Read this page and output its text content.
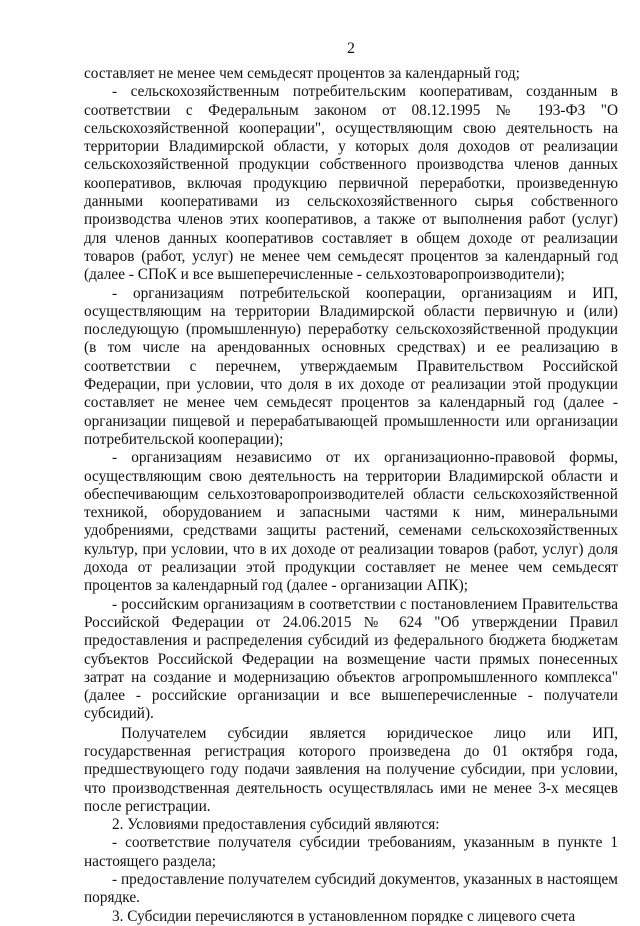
2

составляет не менее чем семьдесят процентов за календарный год;

- сельскохозяйственным потребительским кооперативам, созданным в соответствии с Федеральным законом от 08.12.1995 № 193-ФЗ "О сельскохозяйственной кооперации", осуществляющим свою деятельность на территории Владимирской области, у которых доля доходов от реализации сельскохозяйственной продукции собственного производства членов данных кооперативов, включая продукцию первичной переработки, произведенную данными кооперативами из сельскохозяйственного сырья собственного производства членов этих кооперативов, а также от выполнения работ (услуг) для членов данных кооперативов составляет в общем доходе от реализации товаров (работ, услуг) не менее чем семьдесят процентов за календарный год (далее - СПоК и все вышеперечисленные - сельхозтоваропроизводители);

- организациям потребительской кооперации, организациям и ИП, осуществляющим на территории Владимирской области первичную и (или) последующую (промышленную) переработку сельскохозяйственной продукции (в том числе на арендованных основных средствах) и ее реализацию в соответствии с перечнем, утверждаемым Правительством Российской Федерации, при условии, что доля в их доходе от реализации этой продукции составляет не менее чем семьдесят процентов за календарный год (далее - организации пищевой и перерабатывающей промышленности или организации потребительской кооперации);

- организациям независимо от их организационно-правовой формы, осуществляющим свою деятельность на территории Владимирской области и обеспечивающим сельхозтоваропроизводителей области сельскохозяйственной техникой, оборудованием и запасными частями к ним, минеральными удобрениями, средствами защиты растений, семенами сельскохозяйственных культур, при условии, что в их доходе от реализации товаров (работ, услуг) доля дохода от реализации этой продукции составляет не менее чем семьдесят процентов за календарный год (далее - организации АПК);

- российским организациям в соответствии с постановлением Правительства Российской Федерации от 24.06.2015 № 624 "Об утверждении Правил предоставления и распределения субсидий из федерального бюджета бюджетам субъектов Российской Федерации на возмещение части прямых понесенных затрат на создание и модернизацию объектов агропромышленного комплекса" (далее - российские организации и все вышеперечисленные - получатели субсидий).

Получателем субсидии является юридическое лицо или ИП, государственная регистрация которого произведена до 01 октября года, предшествующего году подачи заявления на получение субсидии, при условии, что производственная деятельность осуществлялась ими не менее 3-х месяцев после регистрации.

2. Условиями предоставления субсидий являются:

- соответствие получателя субсидии требованиям, указанным в пункте 1 настоящего раздела;

- предоставление получателем субсидий документов, указанных в настоящем порядке.

3. Субсидии перечисляются в установленном порядке с лицевого счета
